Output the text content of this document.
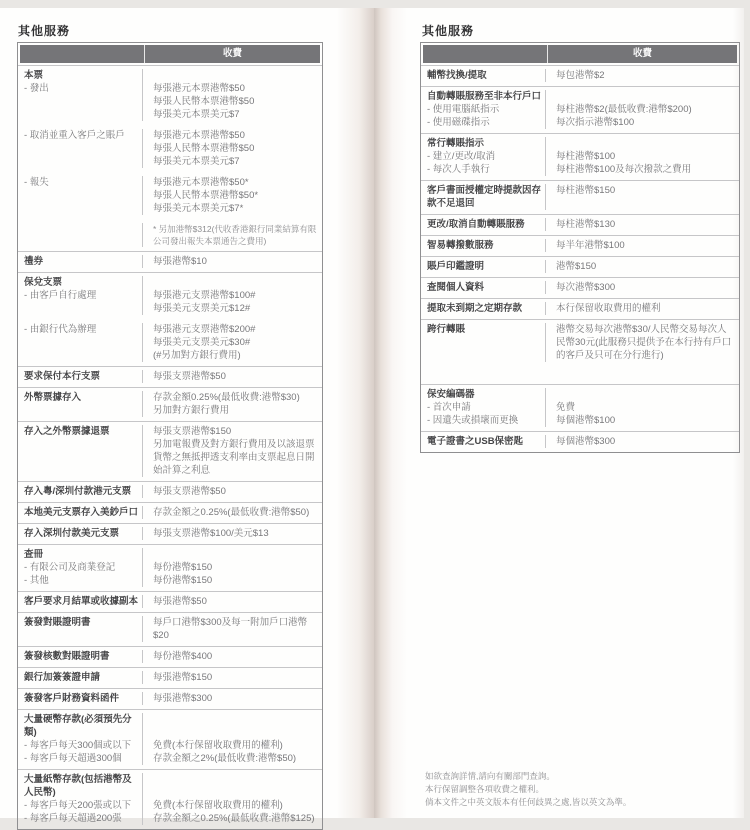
其他服務	其他服務
收費
本票
- 發出	每張港元本票港幣$50
每張人民幣本票港幣$50
每張美元本票美元$7
- 取消並重入客戶之賬戶	每張港元本票港幣$50
每張人民幣本票港幣$50
每張美元本票美元$7
- 報失	每張港元本票港幣$50*
每張人民幣本票港幣$50*
每張美元本票美元$7*
* 另加港幣$312(代收香港銀行同業結算有限公司發出報失本票通告之費用)
禮券	每張港幣$10
保兌支票
- 由客戶自行處理	每張港元支票港幣$100#
每張美元支票美元$12#
- 由銀行代為辦理	每張港元支票港幣$200#
每張美元支票美元$30#
(#另加對方銀行費用)
要求保付本行支票	每張支票港幣$50
外幣票據存入	存款金額0.25%(最低收費:港幣$30)
另加對方銀行費用
存入之外幣票據退票	每張支票港幣$150
另加電報費及對方銀行費用及以該退票貨幣之無抵押透支利率由支票起息日開始計算之利息
存入粵/深圳付款港元支票	每張支票港幣$50
本地美元支票存入美鈔戶口	存款金額之0.25%(最低收費:港幣$50)
存入深圳付款美元支票	每張支票港幣$100/美元$13
查冊
- 有限公司及商業登記	每份港幣$150
- 其他	每份港幣$150
客戶要求月結單或收據副本	每張港幣$50
簽發對賬證明書	每戶口港幣$300及每一附加戶口港幣$20
簽發核數對賬證明書	每份港幣$400
銀行加簽簽證申請	每張港幣$150
簽發客戶財務資料函件	每張港幣$300
大量硬幣存款(必須預先分類)
- 每客戶每天300個或以下	免費(本行保留收取費用的權利)
- 每客戶每天超過300個	存款金額之2%(最低收費:港幣$50)
大量紙幣存款(包括港幣及人民幣)
- 每客戶每天200張或以下	免費(本行保留收取費用的權利)
- 每客戶每天超過200張	存款金額之0.25%(最低收費:港幣$125)
收費
輔幣找換/提取	每包港幣$2
自動轉賬服務至非本行戶口
- 使用電腦紙指示	每柱港幣$2(最低收費:港幣$200)
- 使用磁碟指示	每次指示港幣$100
常行轉賬指示
- 建立/更改/取消	每柱港幣$100
- 每次人手執行	每柱港幣$100及每次撥款之費用
客戶書面授權定時提款因存款不足退回
每柱港幣$150
更改/取消自動轉賬服務	每柱港幣$130
智易轉撥數服務	每半年港幣$100
賬戶印鑑證明	港幣$150
查閱個人資料	每次港幣$300
提取未到期之定期存款	本行保留收取費用的權利
跨行轉賬	港幣交易每次港幣$30/人民幣交易每次人民幣30元(此服務只提供予在本行持有戶口的客戶及只可在分行進行)
保安編碼器
- 首次申請	免費
- 因遺失或損壞而更換	每個港幣$100
電子證書之USB保密匙	每個港幣$300
如欲查詢詳情,請向有關部門查詢。
本行保留調整各項收費之權利。
倘本文件之中英文版本有任何歧異之處,皆以英文為準。
